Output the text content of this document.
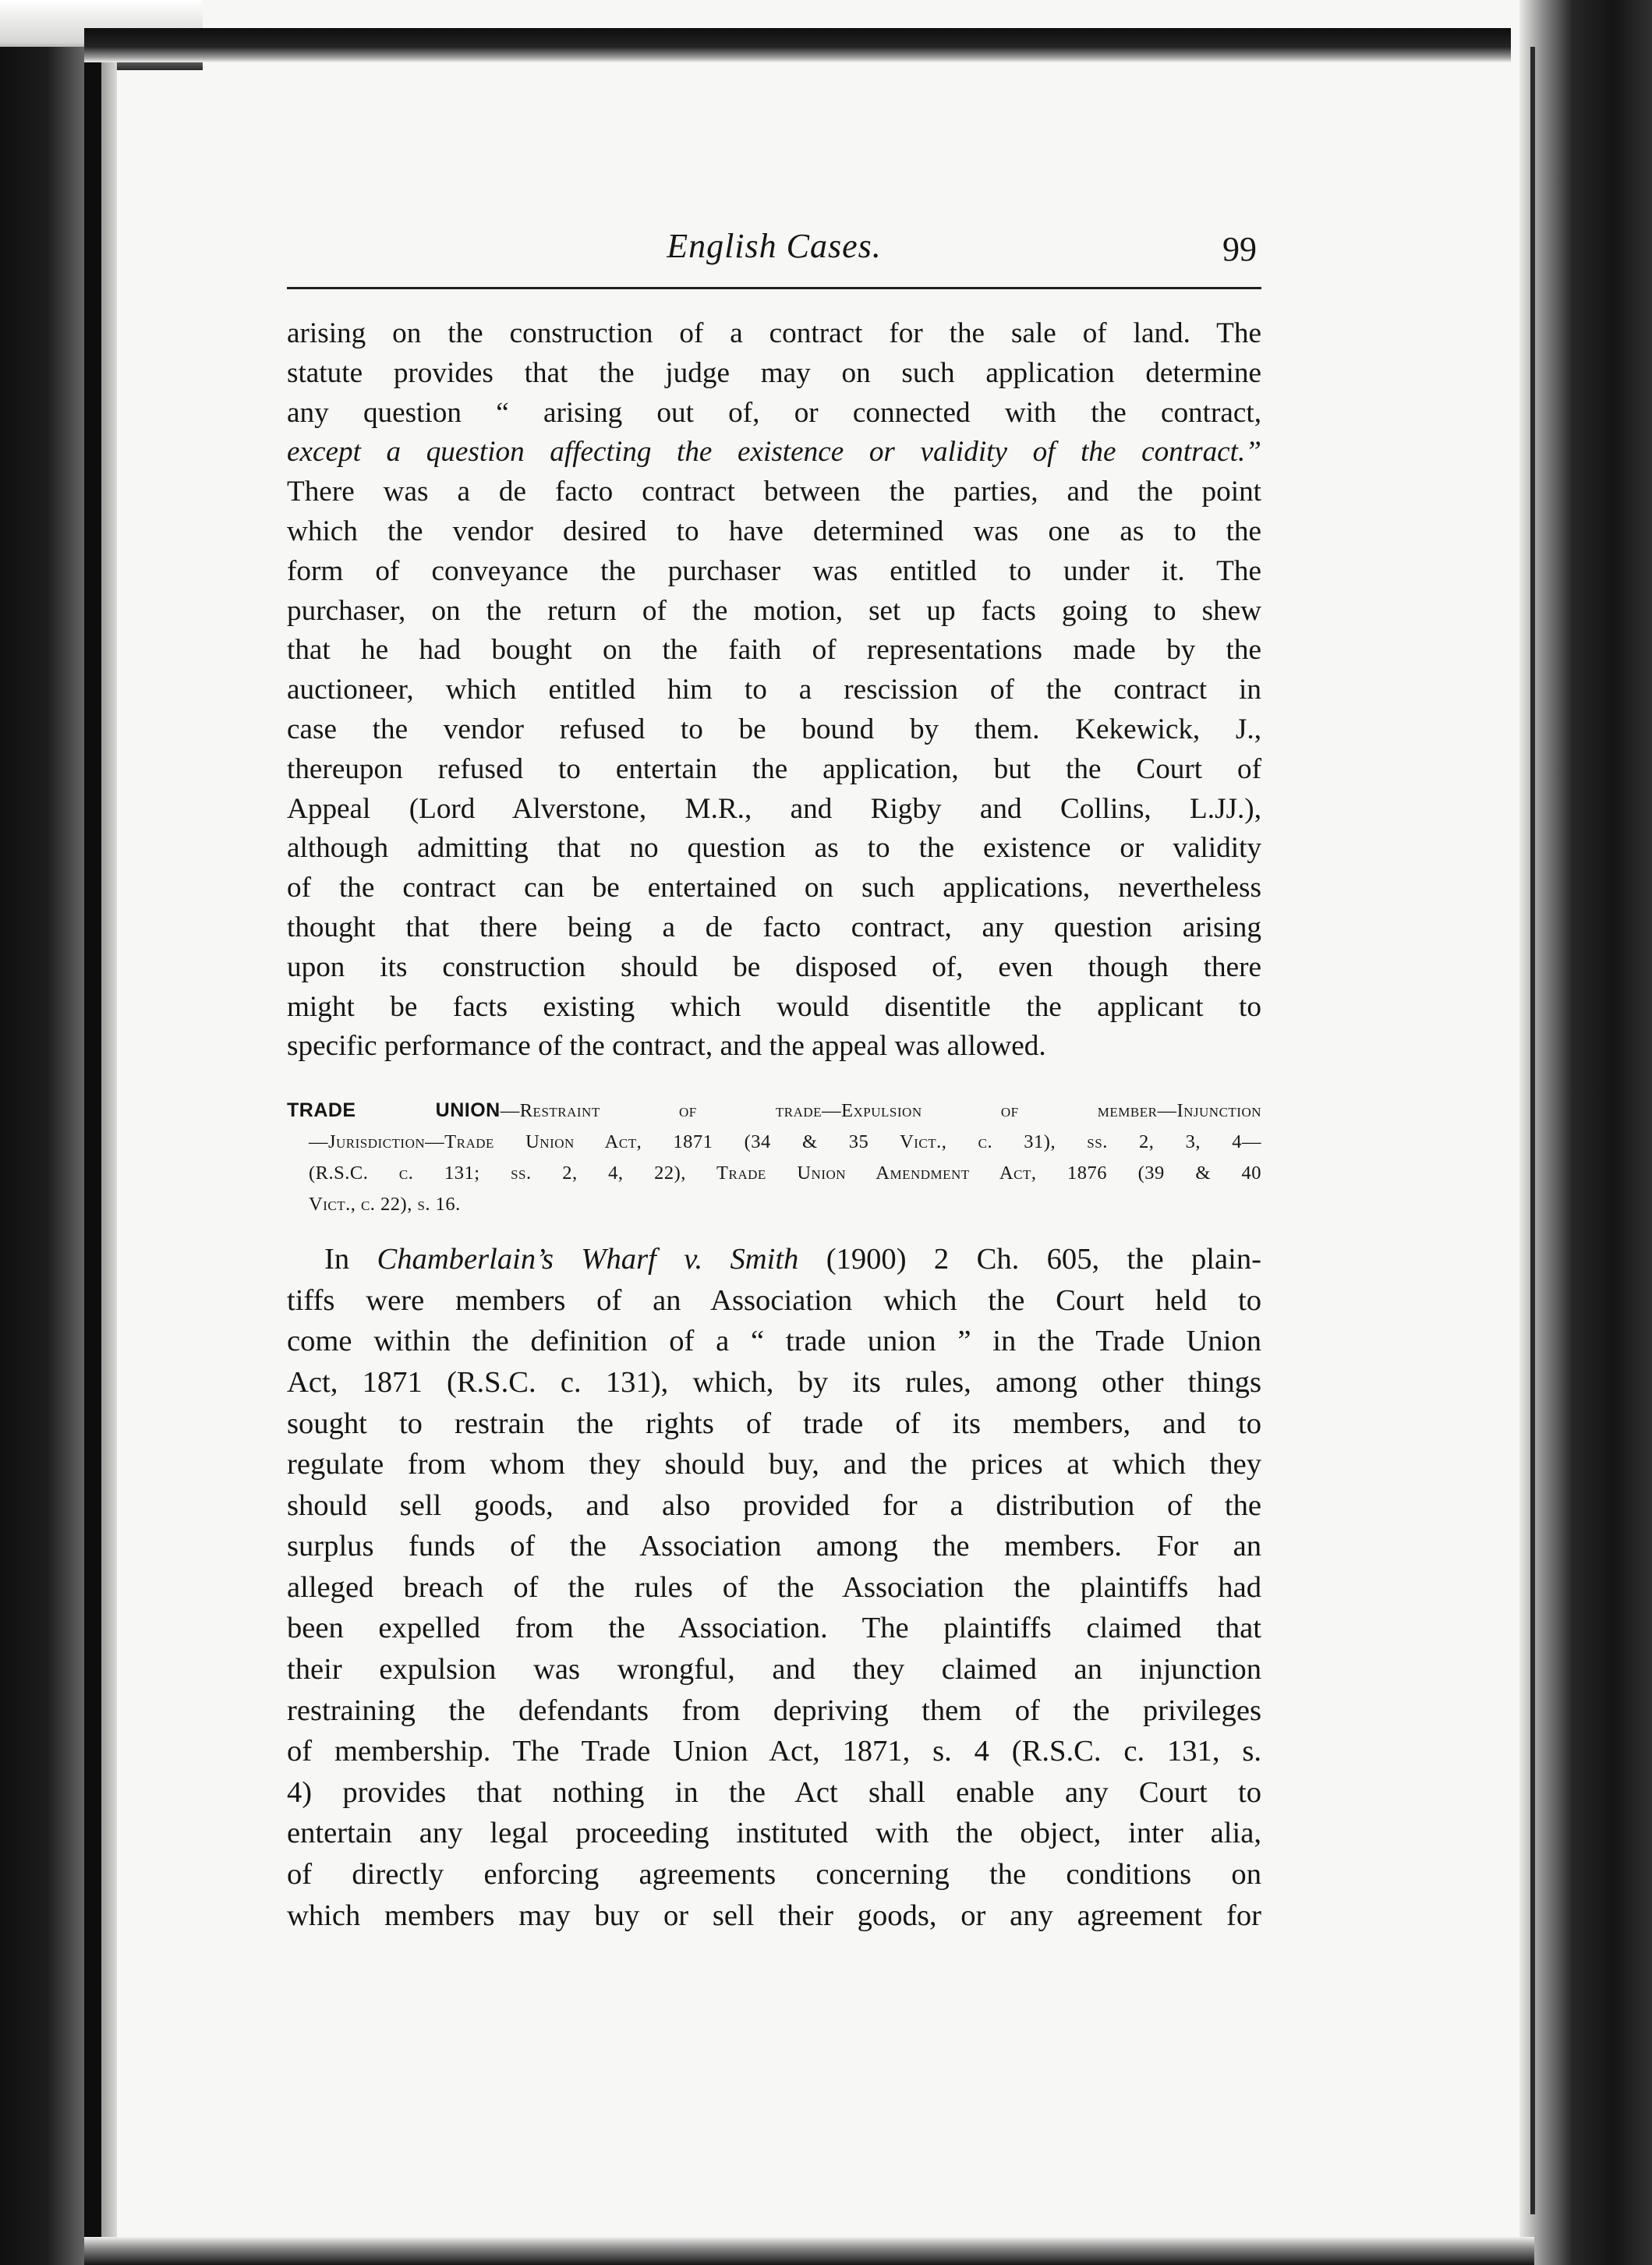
English Cases.	99
arising on the construction of a contract for the sale of land. The
statute provides that the judge may on such application determine
any question “ arising out of, or connected with the contract,
except a question affecting the existence or validity of the contract.”
There was a de facto contract between the parties, and the point
which the vendor desired to have determined was one as to the
form of conveyance the purchaser was entitled to under it. The
purchaser, on the return of the motion, set up facts going to shew
that he had bought on the faith of representations made by the
auctioneer, which entitled him to a rescission of the contract in
case the vendor refused to be bound by them. Kekewick, J.,
thereupon refused to entertain the application, but the Court of
Appeal (Lord Alverstone, M.R., and Rigby and Collins, L.JJ.),
although admitting that no question as to the existence or validity
of the contract can be entertained on such applications, nevertheless
thought that there being a de facto contract, any question arising
upon its construction should be disposed of, even though there
might be facts existing which would disentitle the applicant to
specific performance of the contract, and the appeal was allowed.
TRADE UNION—Restraint of trade—Expulsion of member—Injunction
—Jurisdiction—Trade Union Act, 1871 (34 & 35 Vict., c. 31), ss. 2, 3, 4—
(R.S.C. c. 131; ss. 2, 4, 22), Trade Union Amendment Act, 1876 (39 & 40
Vict., c. 22), s. 16.
In Chamberlain’s Wharf v. Smith (1900) 2 Ch. 605, the plain-
tiffs were members of an Association which the Court held to
come within the definition of a “ trade union ” in the Trade Union
Act, 1871 (R.S.C. c. 131), which, by its rules, among other things
sought to restrain the rights of trade of its members, and to
regulate from whom they should buy, and the prices at which they
should sell goods, and also provided for a distribution of the
surplus funds of the Association among the members. For an
alleged breach of the rules of the Association the plaintiffs had
been expelled from the Association. The plaintiffs claimed that
their expulsion was wrongful, and they claimed an injunction
restraining the defendants from depriving them of the privileges
of membership. The Trade Union Act, 1871, s. 4 (R.S.C. c. 131, s.
4) provides that nothing in the Act shall enable any Court to
entertain any legal proceeding instituted with the object, inter alia,
of directly enforcing agreements concerning the conditions on
which members may buy or sell their goods, or any agreement for
